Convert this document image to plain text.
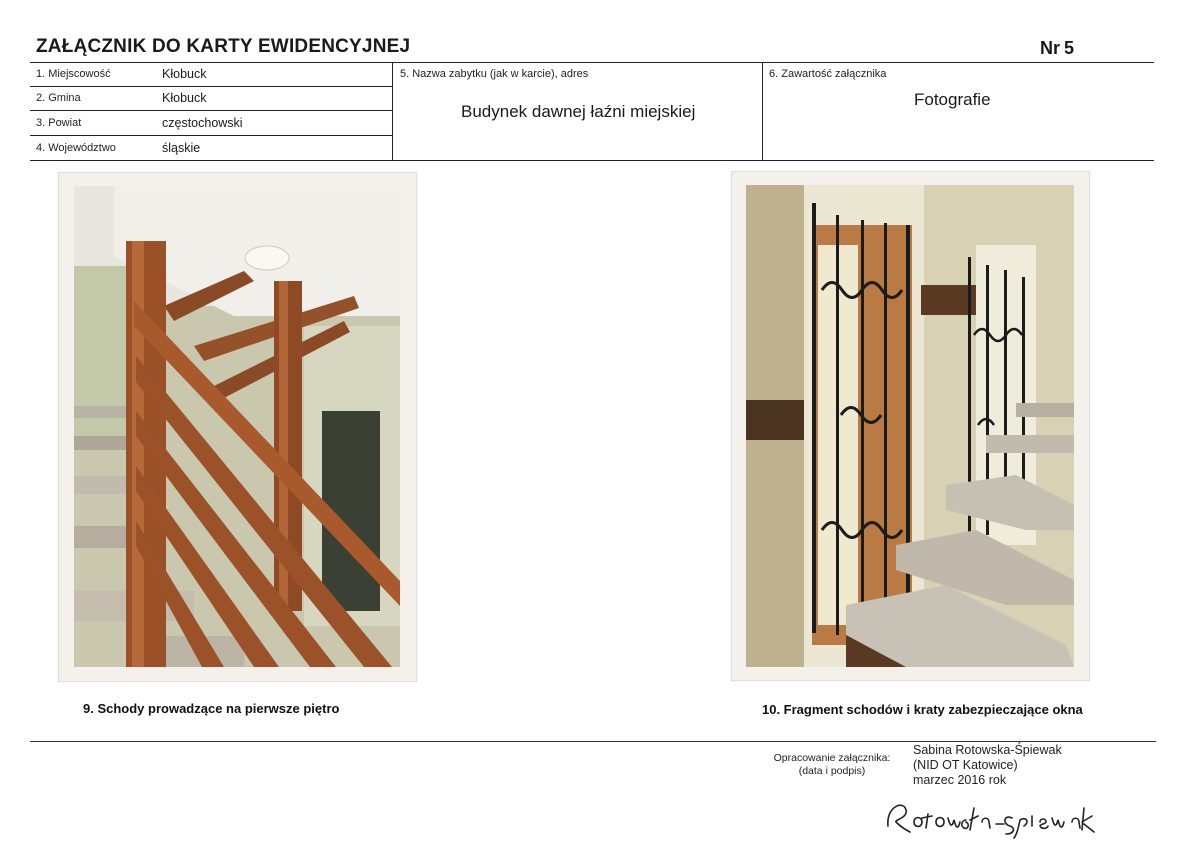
ZAŁĄCZNIK DO KARTY EWIDENCYJNEJ	Nr 5
1. Miejscowość	Kłobuck
2. Gmina	Kłobuck
3. Powiat	częstochowski
4. Województwo	śląskie
5. Nazwa zabytku (jak w karcie), adres
Budynek dawnej łaźni miejskiej
6. Zawartość załącznika
Fotografie
9. Schody prowadzące na pierwsze piętro	10. Fragment schodów i kraty zabezpieczające okna
Opracowanie załącznika:
(data i podpis)
Sabina Rotowska-Śpiewak
(NID OT Katowice)
marzec 2016 rok
